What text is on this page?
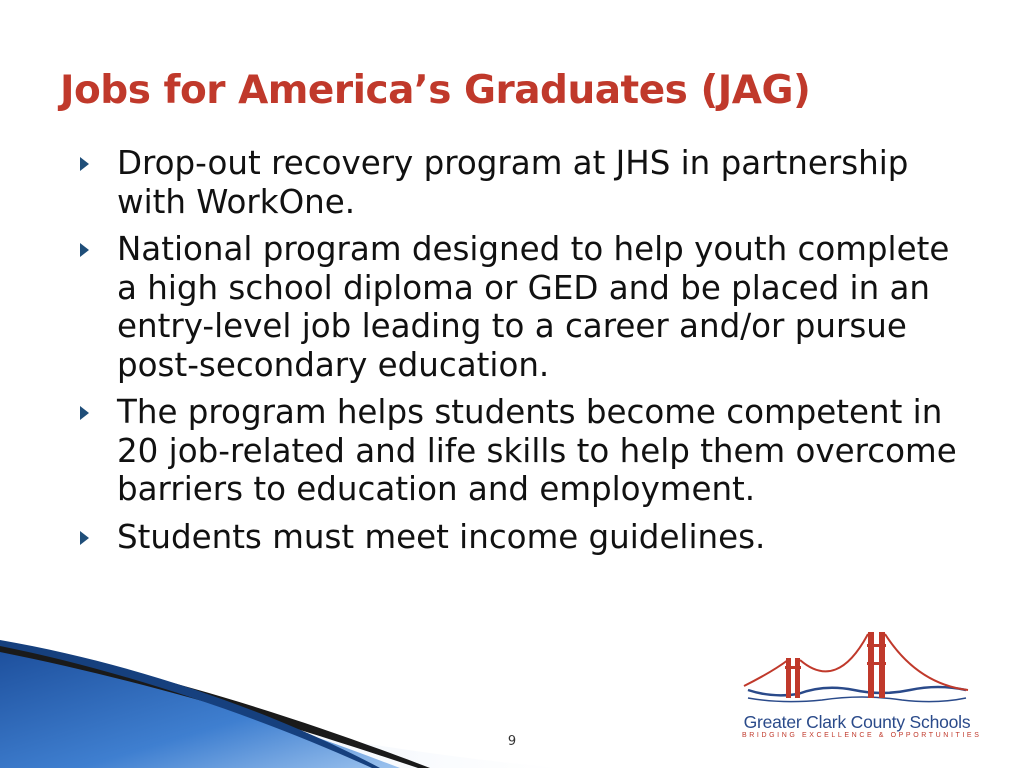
Jobs for America’s Graduates (JAG)
Drop-out recovery program at JHS in partnership with WorkOne.
National program designed to help youth complete a high school diploma or GED and be placed in an entry-level job leading to a career and/or pursue post-secondary education.
The program helps students become competent in 20 job-related and life skills to help them overcome barriers to education and employment.
Students must meet income guidelines.
9
Greater Clark County Schools
BRIDGING EXCELLENCE & OPPORTUNITIES
